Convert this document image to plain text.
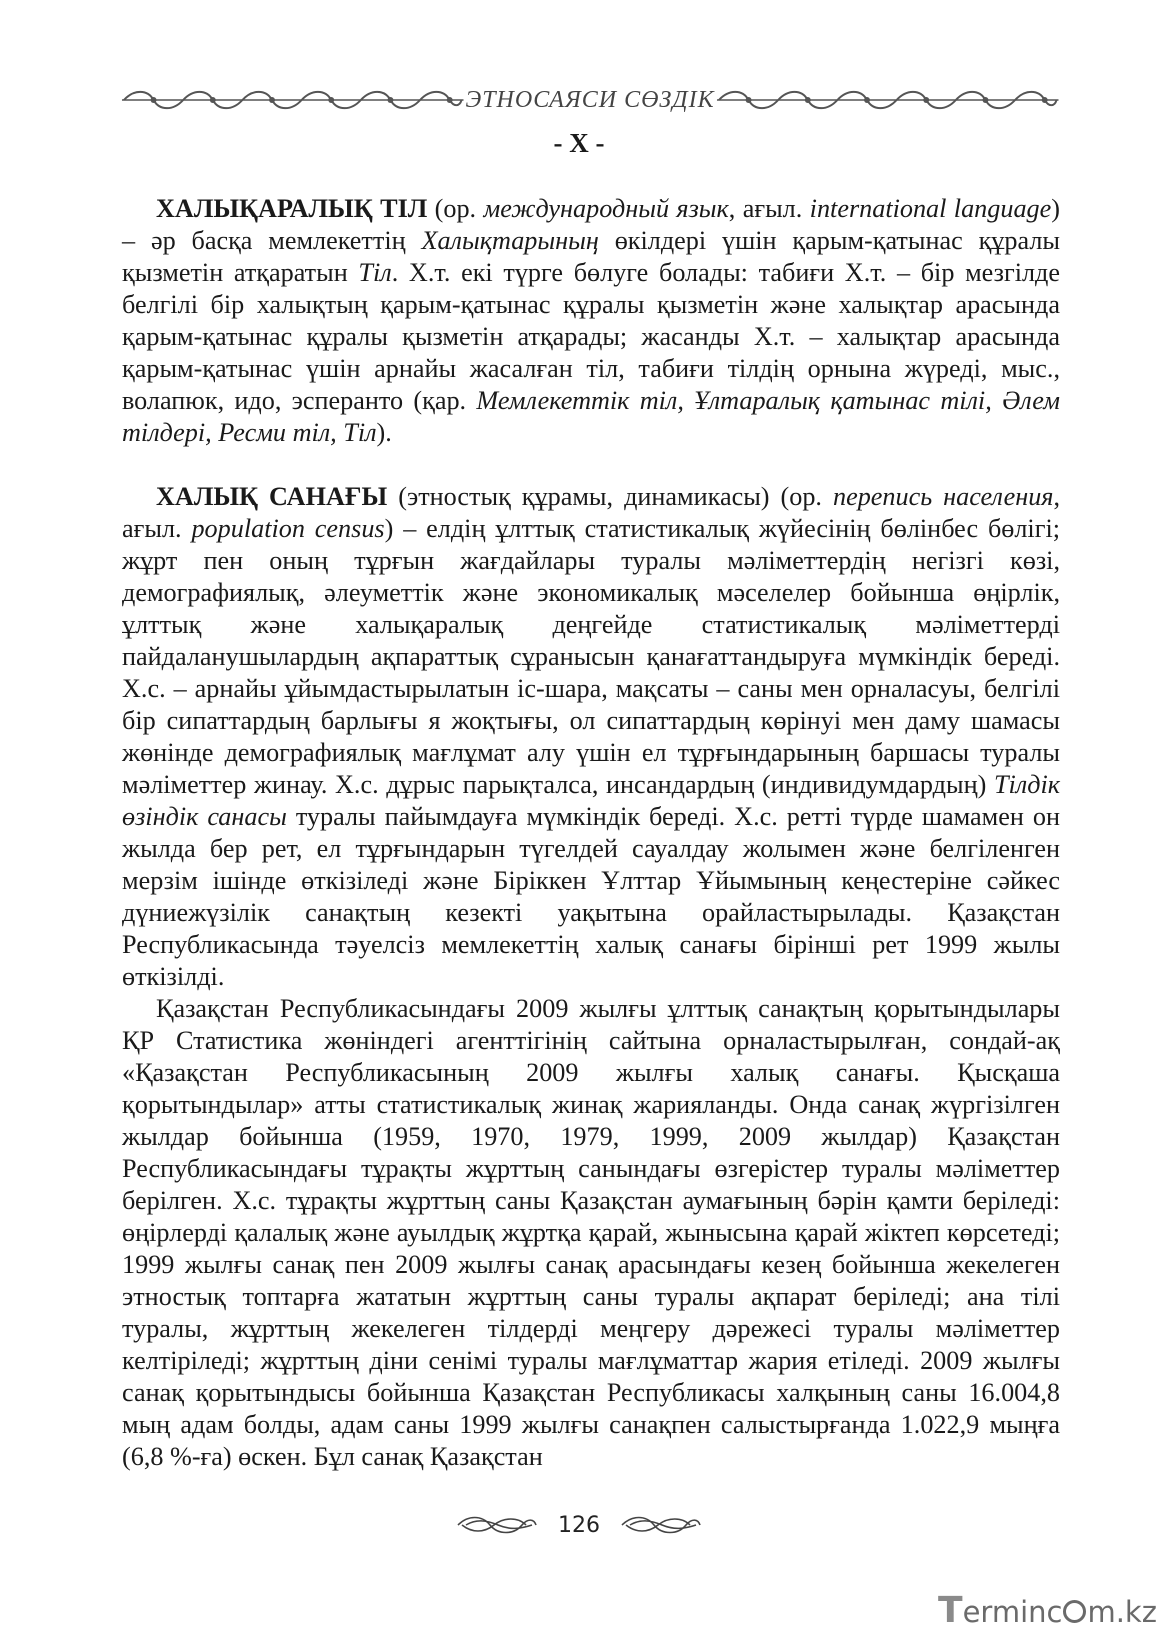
ЭТНОСАЯСИ СӨЗДІК
- Х -

ХАЛЫҚАРАЛЫҚ ТІЛ (ор. международный язык, ағыл. international language) – әр басқа мемлекеттің Халықтарының өкілдері үшін қарым-қатынас құралы қызметін атқаратын Тіл. Х.т. екі түрге бөлуге болады: табиғи Х.т. – бір мезгілде белгілі бір халықтың қарым-қатынас құралы қызметін және халықтар арасында қарым-қатынас құралы қызметін атқарады; жасанды Х.т. – халықтар арасында қарым-қатынас үшін арнайы жасалған тіл, табиғи тілдің орнына жүреді, мыс., волапюк, идо, эсперанто (қар. Мемлекеттік тіл, Ұлтаралық қатынас тілі, Әлем тілдері, Ресми тіл, Тіл).

ХАЛЫҚ САНАҒЫ (этностық құрамы, динамикасы) (ор. перепись населения, ағыл. population census) – елдің ұлттық статистикалық жүйесінің бөлінбес бөлігі; жұрт пен оның тұрғын жағдайлары туралы мәліметтердің негізгі көзі, демографиялық, әлеуметтік және экономикалық мәселелер бойынша өңірлік, ұлттық және халықаралық деңгейде статистикалық мәліметтерді пайдаланушылардың ақпараттық сұранысын қанағаттандыруға мүмкіндік береді. Х.с. – арнайы ұйымдастырылатын іс-шара, мақсаты – саны мен орналасуы, белгілі бір сипаттардың барлығы я жоқтығы, ол сипаттардың көрінуі мен даму шамасы жөнінде демографиялық мағлұмат алу үшін ел тұрғындарының баршасы туралы мәліметтер жинау. Х.с. дұрыс парықталса, инсандардың (индивидумдардың) Тілдік өзіндік санасы туралы пайымдауға мүмкіндік береді. Х.с. ретті түрде шамамен он жылда бер рет, ел тұрғындарын түгелдей сауалдау жолымен және белгіленген мерзім ішінде өткізіледі және Біріккен Ұлттар Ұйымының кеңестеріне сәйкес дүниежүзілік санақтың кезекті уақытына орайластырылады. Қазақстан Республикасында тәуелсіз мемлекеттің халық санағы бірінші рет 1999 жылы өткізілді.

Қазақстан Республикасындағы 2009 жылғы ұлттық санақтың қорытындылары ҚР Статистика жөніндегі агенттігінің сайтына орналастырылған, сондай-ақ «Қазақстан Республикасының 2009 жылғы халық санағы. Қысқаша қорытындылар» атты статистикалық жинақ жарияланды. Онда санақ жүргізілген жылдар бойынша (1959, 1970, 1979, 1999, 2009 жылдар) Қазақстан Республикасындағы тұрақты жұрттың санындағы өзгерістер туралы мәліметтер берілген. Х.с. тұрақты жұрттың саны Қазақстан аумағының бәрін қамти беріледі: өңірлерді қалалық және ауылдық жұртқа қарай, жынысына қарай жіктеп көрсетеді; 1999 жылғы санақ пен 2009 жылғы санақ арасындағы кезең бойынша жекелеген этностық топтарға жататын жұрттың саны туралы ақпарат беріледі; ана тілі туралы, жұрттың жекелеген тілдерді меңгеру дәрежесі туралы мәліметтер келтіріледі; жұрттың діни сенімі туралы мағлұматтар жария етіледі. 2009 жылғы санақ қорытындысы бойынша Қазақстан Республикасы халқының саны 16.004,8 мың адам болды, адам саны 1999 жылғы санақпен салыстырғанда 1.022,9 мыңға (6,8 %-ға) өскен. Бұл санақ Қазақстан

126
Terminc m.kz
